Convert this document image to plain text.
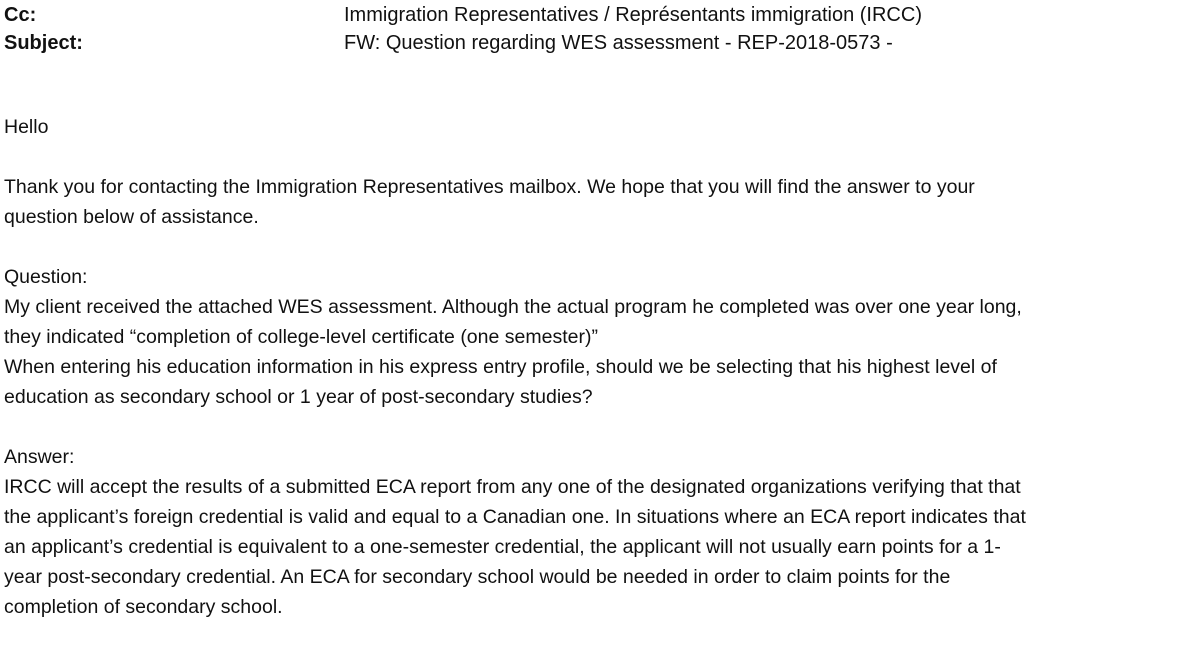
Cc:	Immigration Representatives / Représentants immigration (IRCC)
Subject:	FW: Question regarding WES assessment - REP-2018-0573 -
Hello
Thank you for contacting the Immigration Representatives mailbox. We hope that you will find the answer to your
question below of assistance.
Question:
My client received the attached WES assessment. Although the actual program he completed was over one year long,
they indicated “completion of college-level certificate (one semester)”
When entering his education information in his express entry profile, should we be selecting that his highest level of
education as secondary school or 1 year of post-secondary studies?
Answer:
IRCC will accept the results of a submitted ECA report from any one of the designated organizations verifying that that
the applicant’s foreign credential is valid and equal to a Canadian one. In situations where an ECA report indicates that
an applicant’s credential is equivalent to a one-semester credential, the applicant will not usually earn points for a 1-
year post-secondary credential. An ECA for secondary school would be needed in order to claim points for the
completion of secondary school.
